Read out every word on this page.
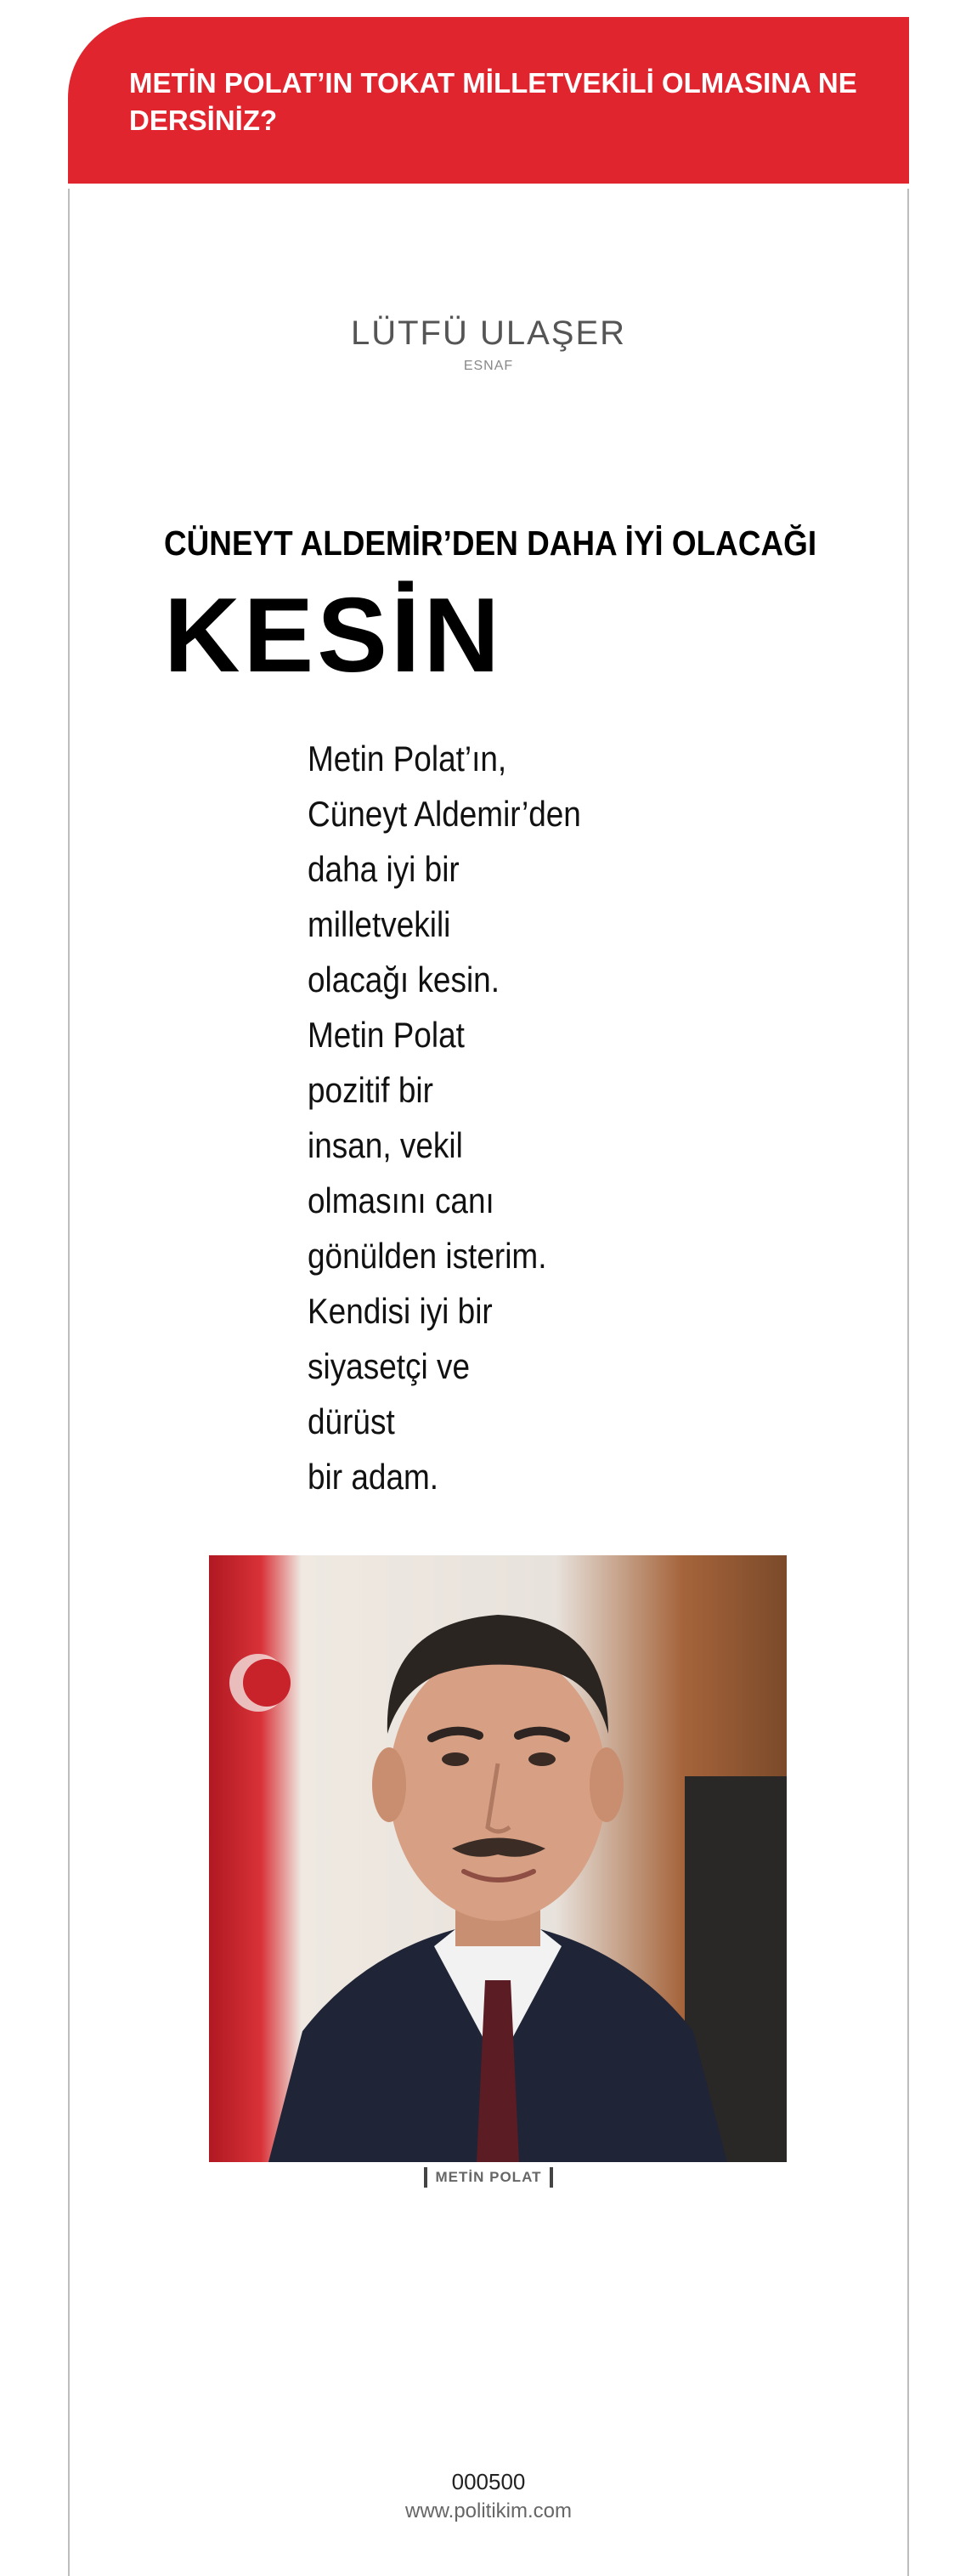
METİN POLAT’IN TOKAT MİLLETVEKİLİ OLMASINA NE DERSİNİZ?

LÜTFÜ ULAŞER
ESNAF
CÜNEYT ALDEMİR’DEN DAHA İYİ OLACAĞI
KESİN
Metin Polat’ın,
Cüneyt Aldemir’den
daha iyi bir
milletvekili
olacağı kesin.
Metin Polat
pozitif bir
insan, vekil
olmasını canı
gönülden isterim.
Kendisi iyi bir
siyasetçi ve
dürüst
bir adam.
METİN POLAT
000500
www.politikim.com
